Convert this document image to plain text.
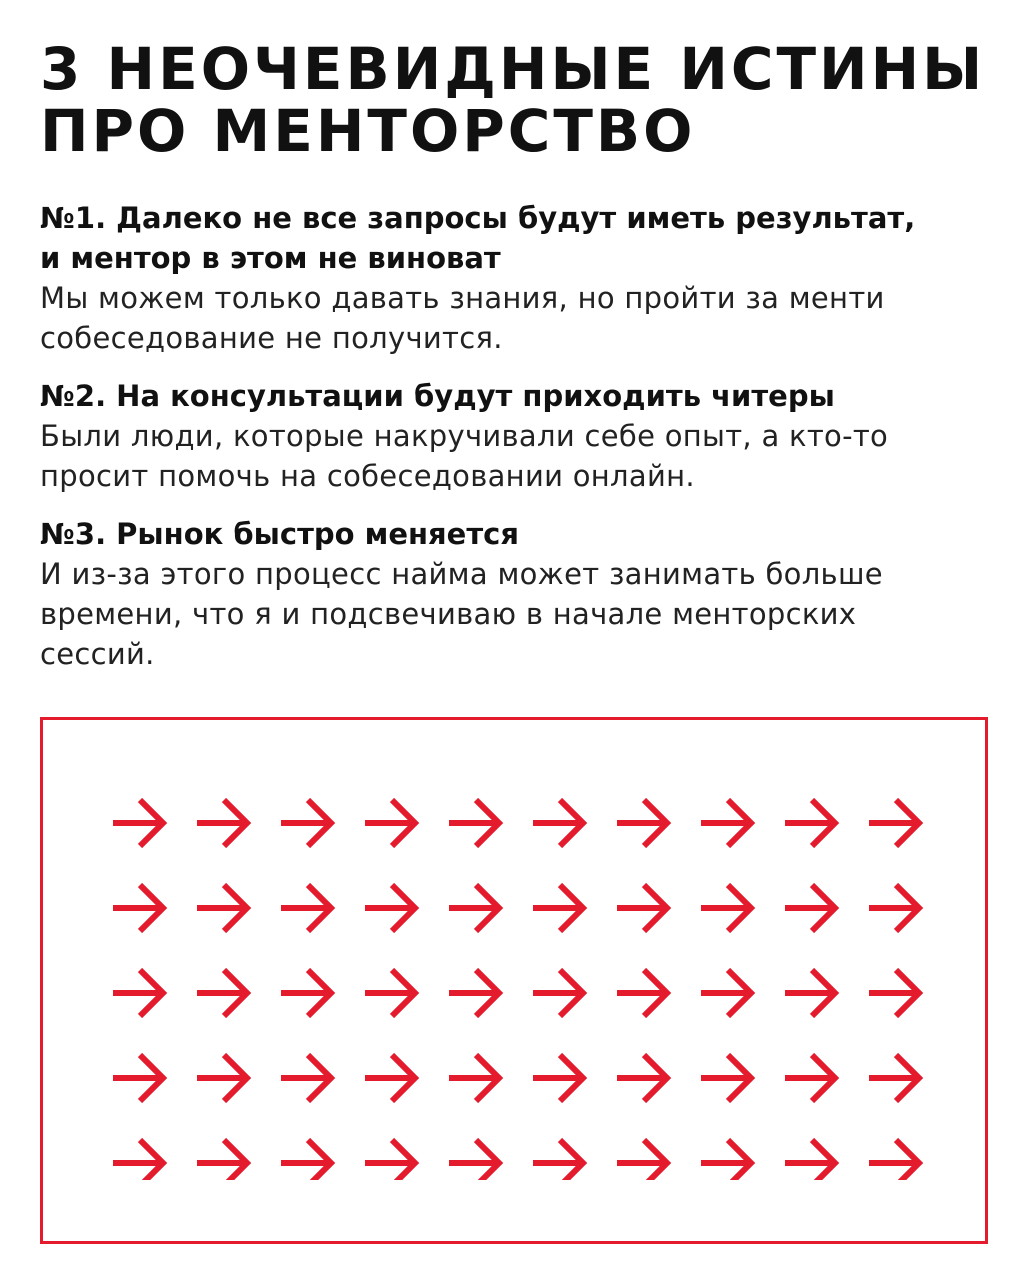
3 НЕОЧЕВИДНЫЕ ИСТИНЫ
ПРО МЕНТОРСТВО

№1. Далеко не все запросы будут иметь результат,
и ментор в этом не виноват

Мы можем только давать знания, но пройти за менти
собеседование не получится.

№2. На консультации будут приходить читеры

Были люди, которые накручивали себе опыт, а кто-то
просит помочь на собеседовании онлайн.

№3. Рынок быстро меняется

И из-за этого процесс найма может занимать больше
времени, что я и подсвечиваю в начале менторских
сессий.
